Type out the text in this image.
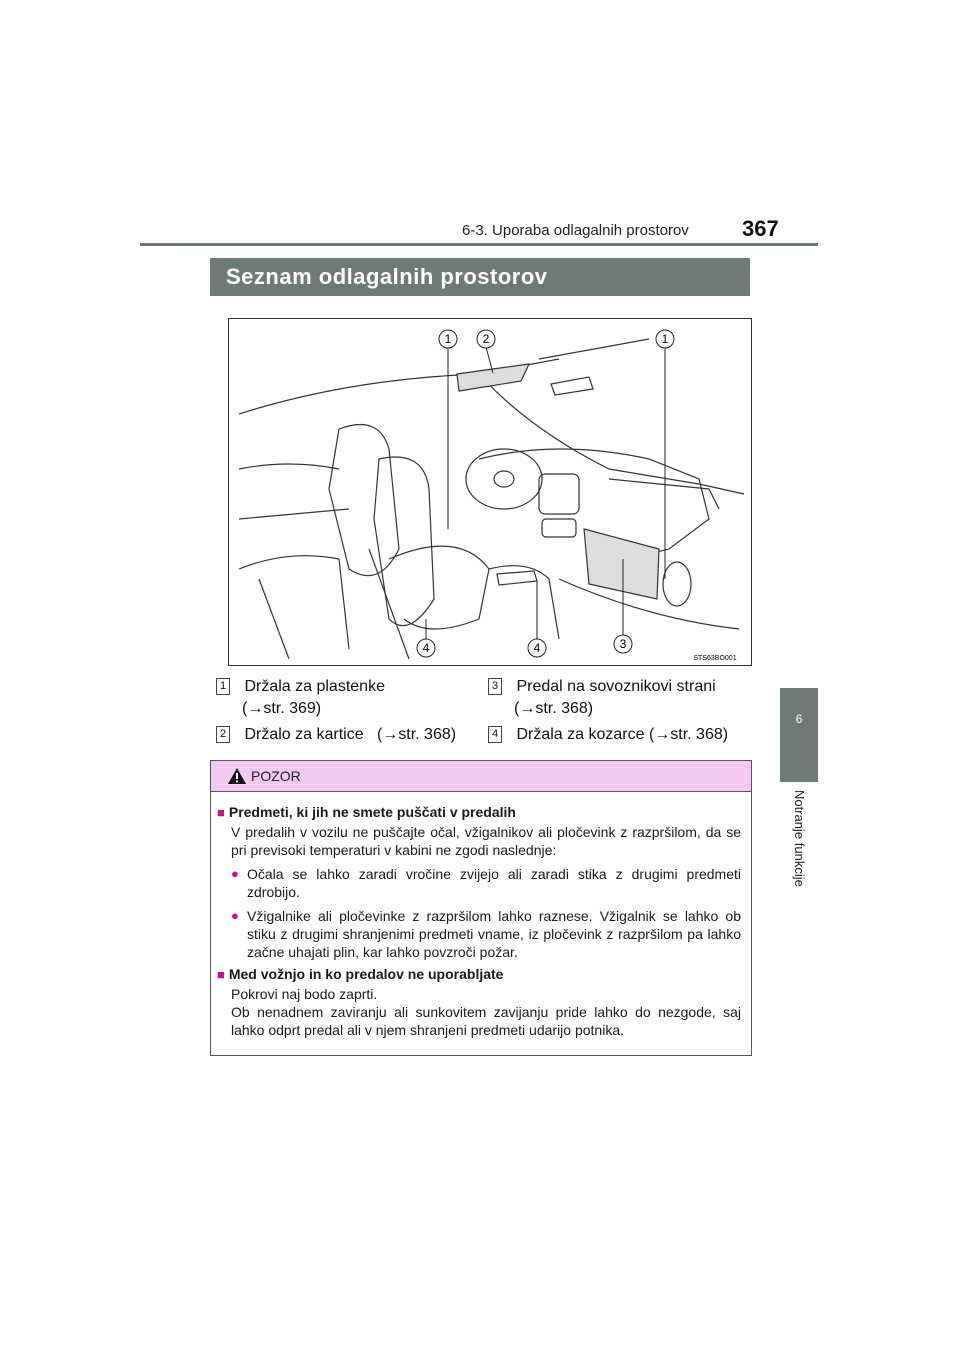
6-3. Uporaba odlagalnih prostorov 367
6
Notranje funkcije
Seznam odlagalnih prostorov
1	2	1
4	4	3
STS63BO001
1 Držala za plastenke
(→str. 369)
2 Držalo za kartice   (→str. 368)
3 Predal na sovoznikovi strani
(→str. 368)
4 Držala za kozarce (→str. 368)
POZOR
■ Predmeti, ki jih ne smete puščati v predalih
V predalih v vozilu ne puščajte očal, vžigalnikov ali pločevink z razpršilom, da se pri previsoki temperaturi v kabini ne zgodi naslednje:
● Očala se lahko zaradi vročine zvijejo ali zaradi stika z drugimi predmeti zdrobijo.
● Vžigalnike ali pločevinke z razpršilom lahko raznese. Vžigalnik se lahko ob stiku z drugimi shranjenimi predmeti vname, iz pločevink z razpršilom pa lahko začne uhajati plin, kar lahko povzroči požar.
■ Med vožnjo in ko predalov ne uporabljate
Pokrovi naj bodo zaprti.
Ob nenadnem zaviranju ali sunkovitem zavijanju pride lahko do nezgode, saj lahko odprt predal ali v njem shranjeni predmeti udarijo potnika.
